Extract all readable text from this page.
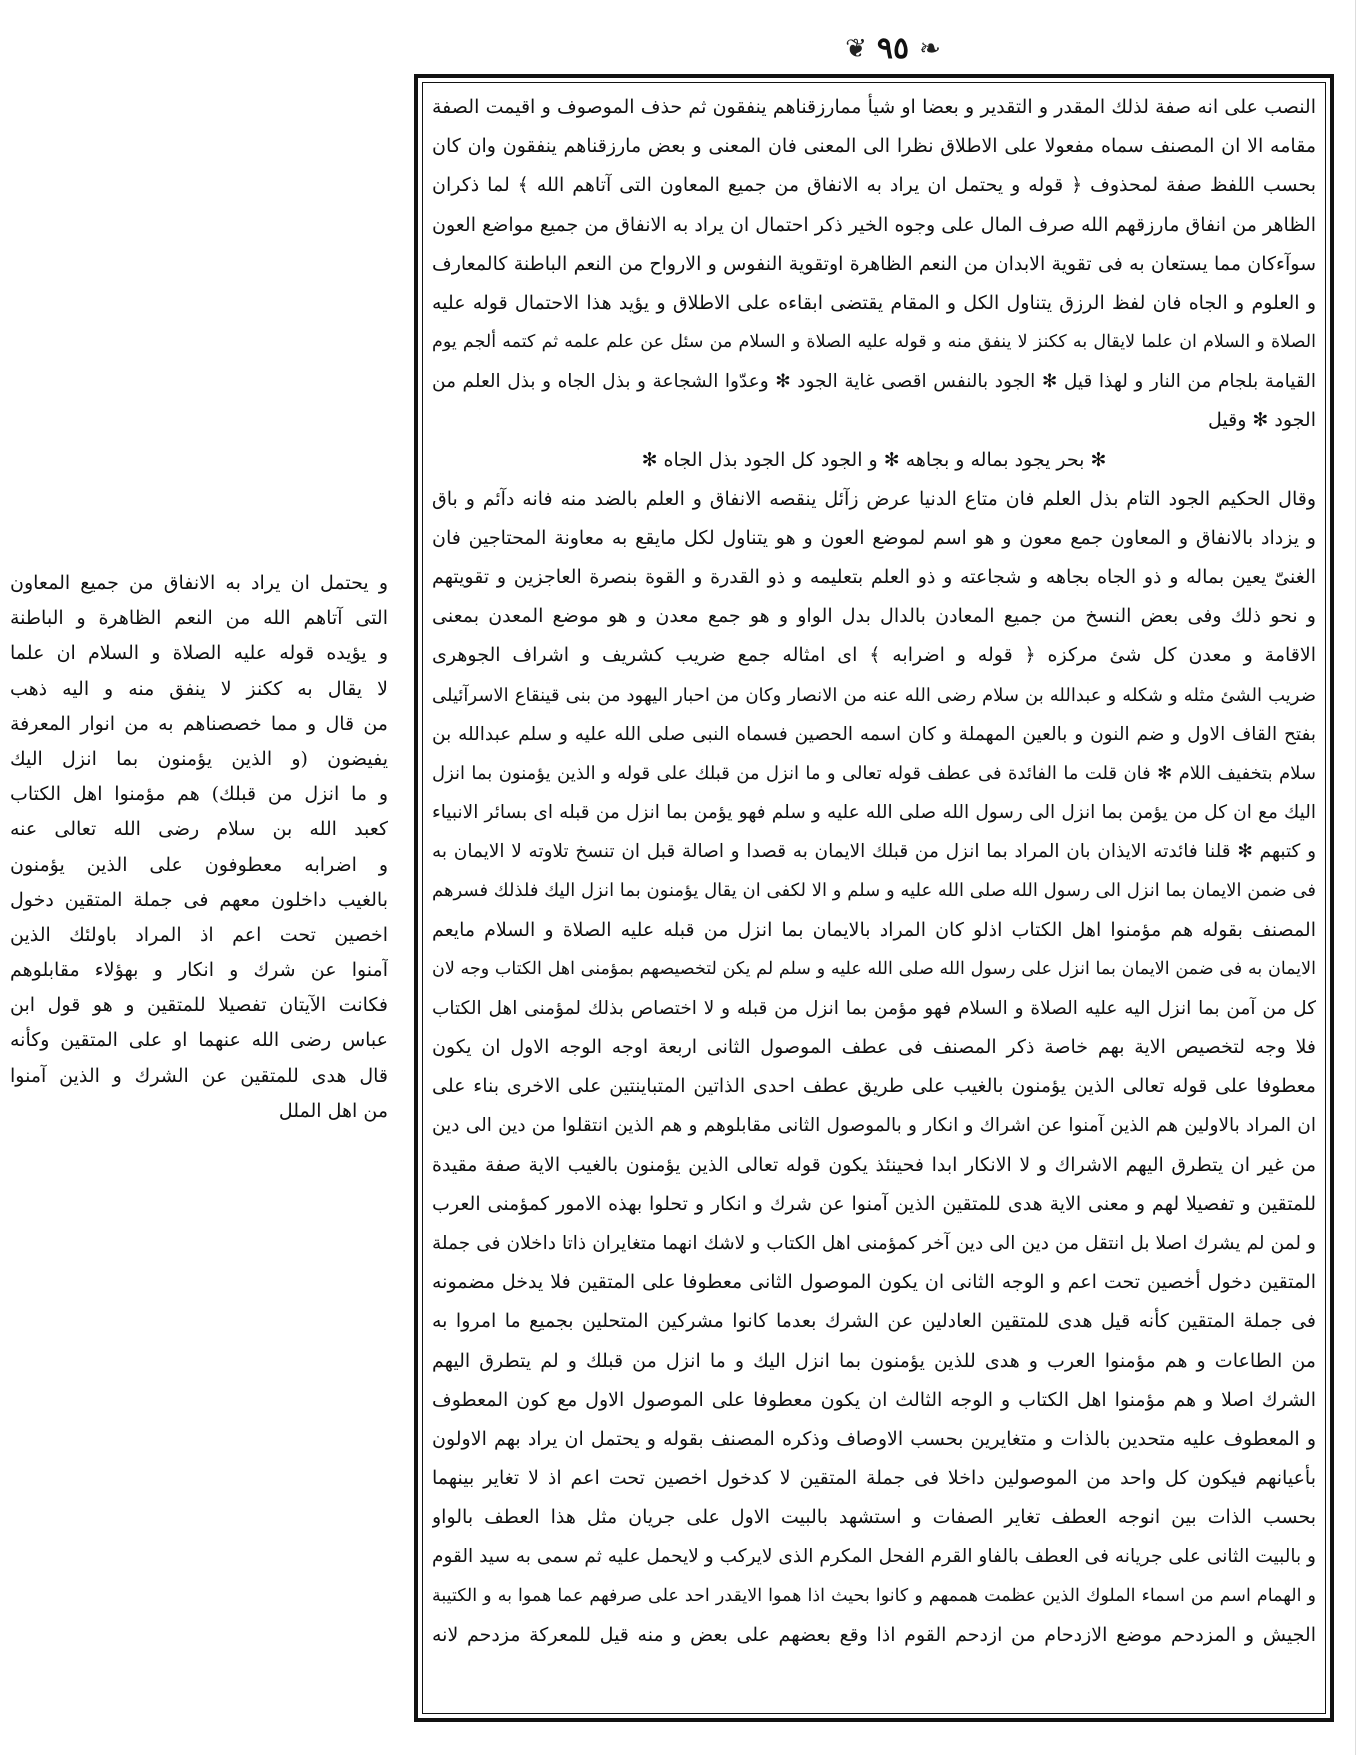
❦ ٩٥ ❧
النصب على انه صفة لذلك المقدر و التقدير و بعضا او شيأ ممارزقناهم ينفقون ثم حذف الموصوف و اقيمت الصفة
مقامه الا ان المصنف سماه مفعولا على الاطلاق نظرا الى المعنى فان المعنى و بعض مارزقناهم ينفقون وان كان
بحسب اللفظ صفة لمحذوف ﴿ قوله و يحتمل ان يراد به الانفاق من جميع المعاون التى آتاهم الله ﴾ لما ذكران
الظاهر من انفاق مارزقهم الله صرف المال على وجوه الخير ذكر احتمال ان يراد به الانفاق من جميع مواضع العون
سوآءكان مما يستعان به فى تقوية الابدان من النعم الظاهرة اوتقوية النفوس و الارواح من النعم الباطنة كالمعارف
و العلوم و الجاه فان لفظ الرزق يتناول الكل و المقام يقتضى ابقاءه على الاطلاق و يؤيد هذا الاحتمال قوله عليه
الصلاة و السلام ان علما لايقال به ككنز لا ينفق منه و قوله عليه الصلاة و السلام من سئل عن علم علمه ثم كتمه ألجم يوم
القيامة بلجام من النار و لهذا قيل ✻ الجود بالنفس اقصى غاية الجود ✻ وعدّوا الشجاعة و بذل الجاه و بذل العلم من
الجود ✻ وقيل
✻ بحر يجود بماله و بجاهه ✻ و الجود كل الجود بذل الجاه ✻
وقال الحكيم الجود التام بذل العلم فان متاع الدنيا عرض زآئل ينقصه الانفاق و العلم بالضد منه فانه دآئم و باق
و يزداد بالانفاق و المعاون جمع معون و هو اسم لموضع العون و هو يتناول لكل مايقع به معاونة المحتاجين فان
الغنىّ يعين بماله و ذو الجاه بجاهه و شجاعته و ذو العلم بتعليمه و ذو القدرة و القوة بنصرة العاجزين و تقويتهم
و نحو ذلك وفى بعض النسخ من جميع المعادن بالدال بدل الواو و هو جمع معدن و هو موضع المعدن بمعنى
الاقامة و معدن كل شئ مركزه ﴿ قوله و اضرابه ﴾ اى امثاله جمع ضريب كشريف و اشراف الجوهرى
ضريب الشئ مثله و شكله و عبدالله بن سلام رضى الله عنه من الانصار وكان من احبار اليهود من بنى قينقاع الاسرآئيلى
بفتح القاف الاول و ضم النون و بالعين المهملة و كان اسمه الحصين فسماه النبى صلى الله عليه و سلم عبدالله بن
سلام بتخفيف اللام ✻ فان قلت ما الفائدة فى عطف قوله تعالى و ما انزل من قبلك على قوله و الذين يؤمنون بما انزل
اليك مع ان كل من يؤمن بما انزل الى رسول الله صلى الله عليه و سلم فهو يؤمن بما انزل من قبله اى بسائر الانبياء
و كتبهم ✻ قلنا فائدته الايذان بان المراد بما انزل من قبلك الايمان به قصدا و اصالة قبل ان تنسخ تلاوته لا الايمان به
فى ضمن الايمان بما انزل الى رسول الله صلى الله عليه و سلم و الا لكفى ان يقال يؤمنون بما انزل اليك فلذلك فسرهم
المصنف بقوله هم مؤمنوا اهل الكتاب اذلو كان المراد بالايمان بما انزل من قبله عليه الصلاة و السلام مايعم
الايمان به فى ضمن الايمان بما انزل على رسول الله صلى الله عليه و سلم لم يكن لتخصيصهم بمؤمنى اهل الكتاب وجه لان
كل من آمن بما انزل اليه عليه الصلاة و السلام فهو مؤمن بما انزل من قبله و لا اختصاص بذلك لمؤمنى اهل الكتاب
فلا وجه لتخصيص الاية بهم خاصة ذكر المصنف فى عطف الموصول الثانى اربعة اوجه الوجه الاول ان يكون
معطوفا على قوله تعالى الذين يؤمنون بالغيب على طريق عطف احدى الذاتين المتباينتين على الاخرى بناء على
ان المراد بالاولين هم الذين آمنوا عن اشراك و انكار و بالموصول الثانى مقابلوهم و هم الذين انتقلوا من دين الى دين
من غير ان يتطرق اليهم الاشراك و لا الانكار ابدا فحينئذ يكون قوله تعالى الذين يؤمنون بالغيب الاية صفة مقيدة
للمتقين و تفصيلا لهم و معنى الاية هدى للمتقين الذين آمنوا عن شرك و انكار و تحلوا بهذه الامور كمؤمنى العرب
و لمن لم يشرك اصلا بل انتقل من دين الى دين آخر كمؤمنى اهل الكتاب و لاشك انهما متغايران ذاتا داخلان فى جملة
المتقين دخول أخصين تحت اعم و الوجه الثانى ان يكون الموصول الثانى معطوفا على المتقين فلا يدخل مضمونه
فى جملة المتقين كأنه قيل هدى للمتقين العادلين عن الشرك بعدما كانوا مشركين المتحلين بجميع ما امروا به
من الطاعات و هم مؤمنوا العرب و هدى للذين يؤمنون بما انزل اليك و ما انزل من قبلك و لم يتطرق اليهم
الشرك اصلا و هم مؤمنوا اهل الكتاب و الوجه الثالث ان يكون معطوفا على الموصول الاول مع كون المعطوف
و المعطوف عليه متحدين بالذات و متغايرين بحسب الاوصاف وذكره المصنف بقوله و يحتمل ان يراد بهم الاولون
بأعيانهم فيكون كل واحد من الموصولين داخلا فى جملة المتقين لا كدخول اخصين تحت اعم اذ لا تغاير بينهما
بحسب الذات بين انوجه العطف تغاير الصفات و استشهد بالبيت الاول على جريان مثل هذا العطف بالواو
و بالبيت الثانى على جريانه فى العطف بالفاو القرم الفحل المكرم الذى لايركب و لايحمل عليه ثم سمى به سيد القوم
و الهمام اسم من اسماء الملوك الذين عظمت هممهم و كانوا بحيث اذا هموا الايقدر احد على صرفهم عما هموا به و الكتيبة
الجيش و المزدحم موضع الازدحام من ازدحم القوم اذا وقع بعضهم على بعض و منه قيل للمعركة مزدحم لانه
و يحتمل ان يراد به الانفاق من جميع المعاون
التى آتاهم الله من النعم الظاهرة و الباطنة
و يؤيده قوله عليه الصلاة و السلام ان علما
لا يقال به ككنز لا ينفق منه و اليه ذهب
من قال و مما خصصناهم به من انوار المعرفة
يفيضون (و الذين يؤمنون بما انزل اليك
و ما انزل من قبلك) هم مؤمنوا اهل الكتاب
كعبد الله بن سلام رضى الله تعالى عنه
و اضرابه معطوفون على الذين يؤمنون
بالغيب داخلون معهم فى جملة المتقين دخول
اخصين تحت اعم اذ المراد باولئك الذين
آمنوا عن شرك و انكار و بهؤلاء مقابلوهم
فكانت الآيتان تفصيلا للمتقين و هو قول ابن
عباس رضى الله عنهما او على المتقين وكأنه
قال هدى للمتقين عن الشرك و الذين آمنوا
من اهل الملل
